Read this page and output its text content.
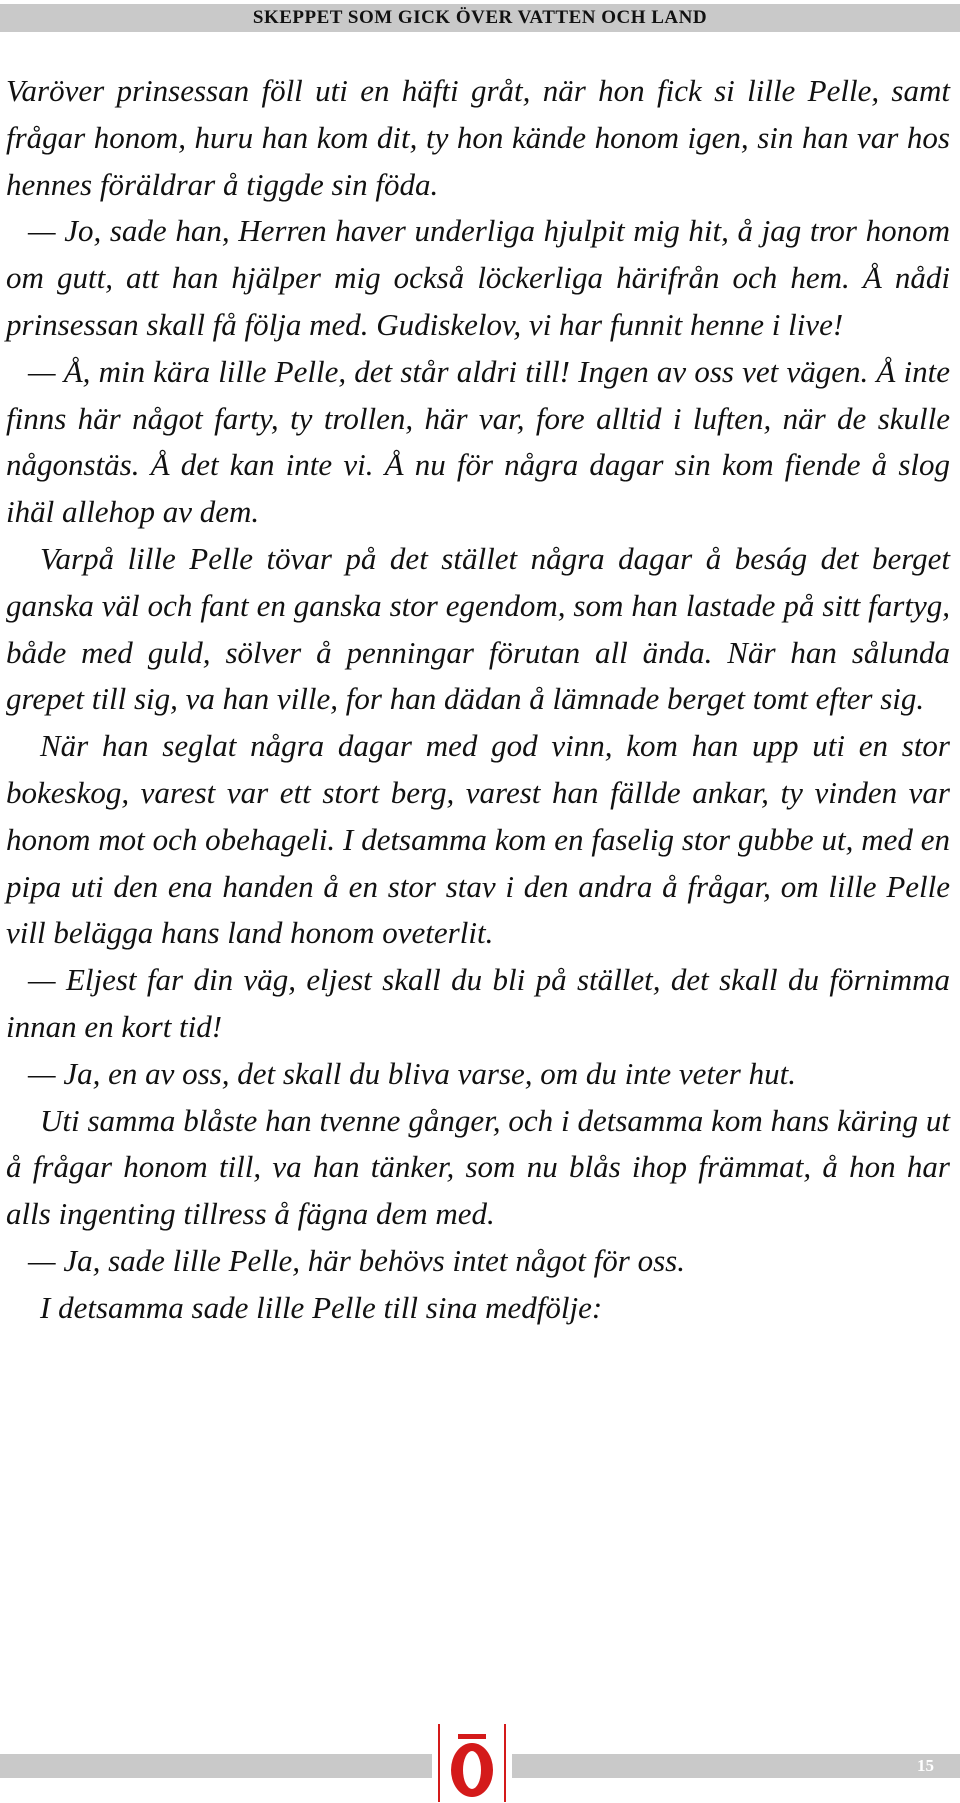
SKEPPET SOM GICK ÖVER VATTEN OCH LAND

Varöver prinsessan föll uti en häfti gråt, när hon fick si lille Pelle, samt frågar honom, huru han kom dit, ty hon kände honom igen, sin han var hos hennes föräldrar å tiggde sin föda.

— Jo, sade han, Herren haver underliga hjulpit mig hit, å jag tror honom om gutt, att han hjälper mig också löckerliga härifrån och hem. Å nådi prinsessan skall få följa med. Gudiskelov, vi har funnit henne i live!

— Å, min kära lille Pelle, det står aldri till! Ingen av oss vet vägen. Å inte finns här något farty, ty trollen, här var, fore alltid i luften, när de skulle någonstäs. Å det kan inte vi. Å nu för några dagar sin kom fiende å slog ihäl allehop av dem.

Varpå lille Pelle tövar på det stället några dagar å beság det berget ganska väl och fant en ganska stor egendom, som han lastade på sitt fartyg, både med guld, sölver å penningar förutan all ända. När han sålunda grepet till sig, va han ville, for han dädan å lämnade berget tomt efter sig.

När han seglat några dagar med god vinn, kom han upp uti en stor bokeskog, varest var ett stort berg, varest han fällde ankar, ty vinden var honom mot och obehageli. I detsamma kom en faselig stor gubbe ut, med en pipa uti den ena handen å en stor stav i den andra å frågar, om lille Pelle vill belägga hans land honom oveterlit.

— Eljest far din väg, eljest skall du bli på stället, det skall du förnimma innan en kort tid!

— Ja, en av oss, det skall du bliva varse, om du inte veter hut.

Uti samma blåste han tvenne gånger, och i detsamma kom hans käring ut å frågar honom till, va han tänker, som nu blås ihop främmat, å hon har alls ingenting tillress å fägna dem med.

— Ja, sade lille Pelle, här behövs intet något för oss.

I detsamma sade lille Pelle till sina medfölje:

15
